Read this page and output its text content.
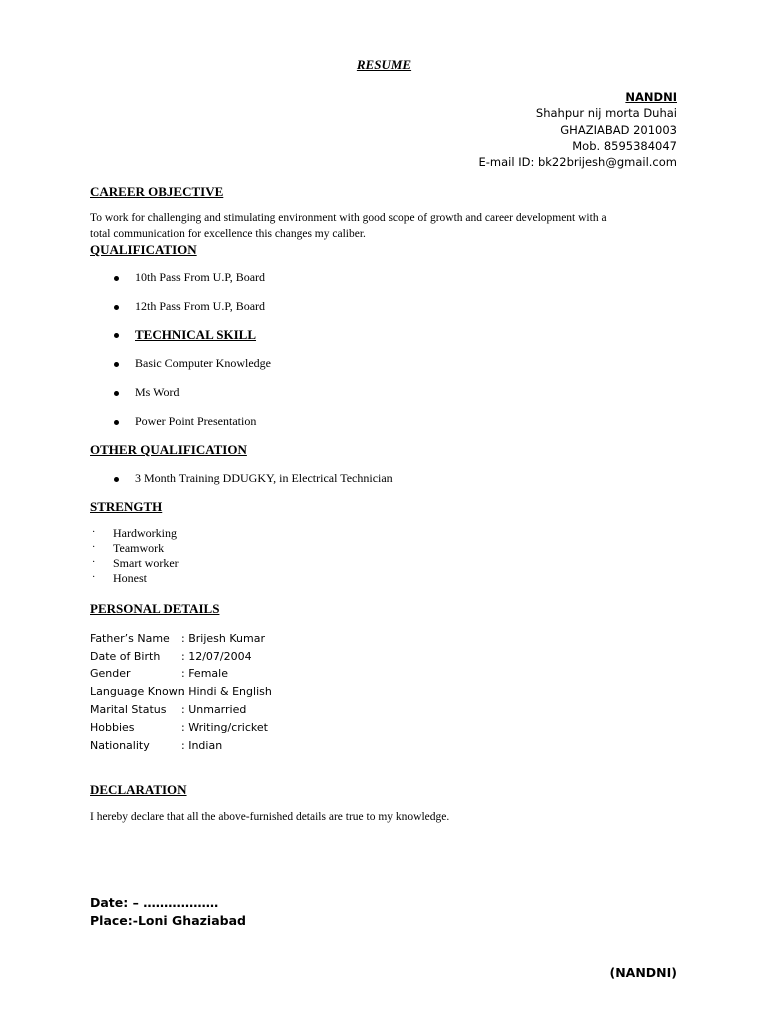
RESUME
NANDNI
Shahpur nij morta Duhai
GHAZIABAD 201003
Mob. 8595384047
E-mail ID: bk22brijesh@gmail.com
CAREER OBJECTIVE
To work for challenging and stimulating environment with good scope of growth and career development with a
total communication for excellence this changes my caliber.
QUALIFICATION
10th Pass From U.P, Board
12th Pass From U.P, Board
TECHNICAL SKILL
Basic Computer Knowledge
Ms Word
Power Point Presentation
OTHER QUALIFICATION
3 Month Training DDUGKY, in Electrical Technician
STRENGTH
· Hardworking
· Teamwork
· Smart worker
· Honest
PERSONAL DETAILS
Father’s Name : Brijesh Kumar
Date of Birth : 12/07/2004
Gender	: Female
Language Known: Hindi & English
Marital Status : Unmarried
Hobbies	: Writing/cricket
Nationality	: Indian
DECLARATION
I hereby declare that all the above-furnished details are true to my knowledge.
Date: – ………………
Place:-Loni Ghaziabad
(NANDNI)
